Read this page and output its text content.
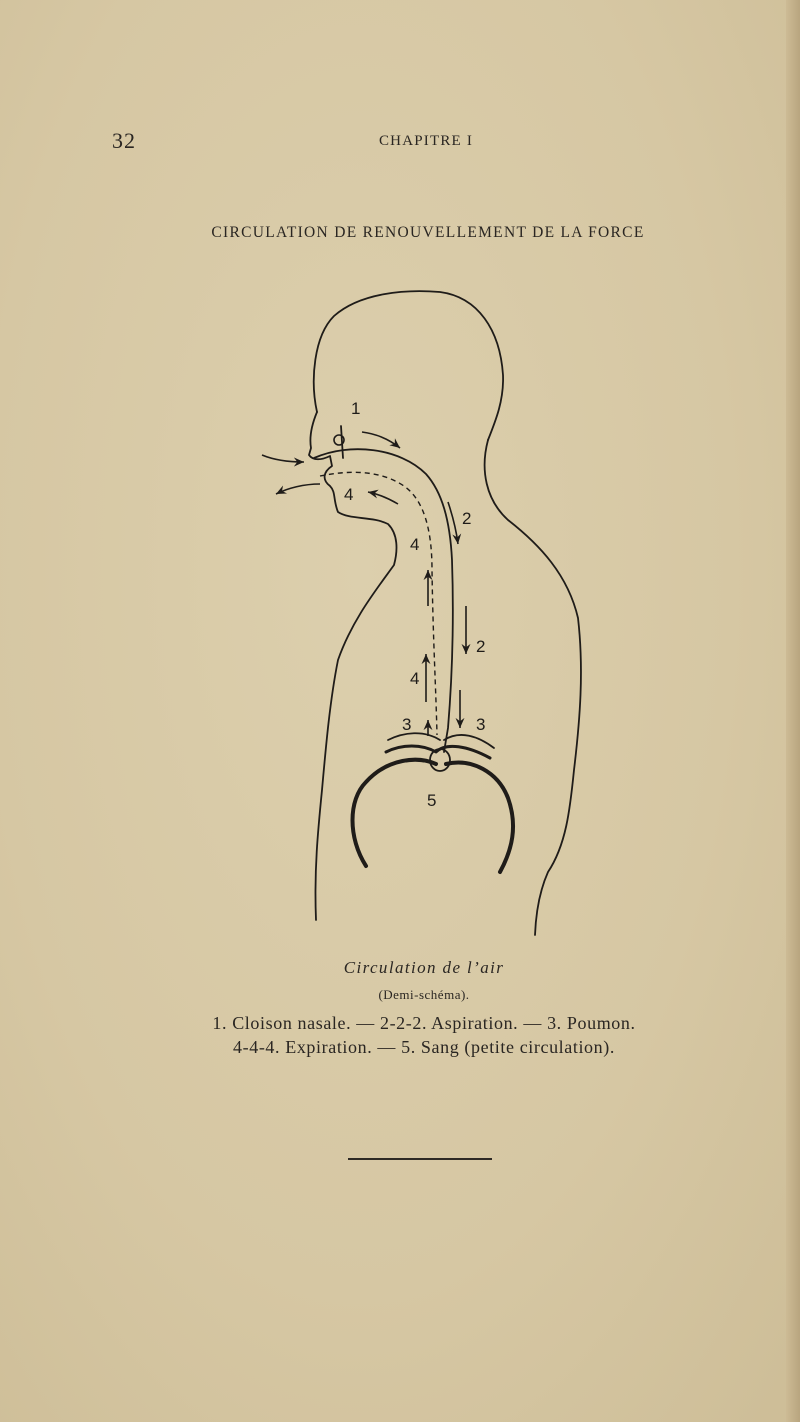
32	CHAPITRE I
CIRCULATION DE RENOUVELLEMENT DE LA FORCE
1
2
2
3	3
4
4
4
5
Circulation de l’air
(Demi-schéma).
1. Cloison nasale. — 2-2-2. Aspiration. — 3. Poumon.
4-4-4. Expiration. — 5. Sang (petite circulation).
